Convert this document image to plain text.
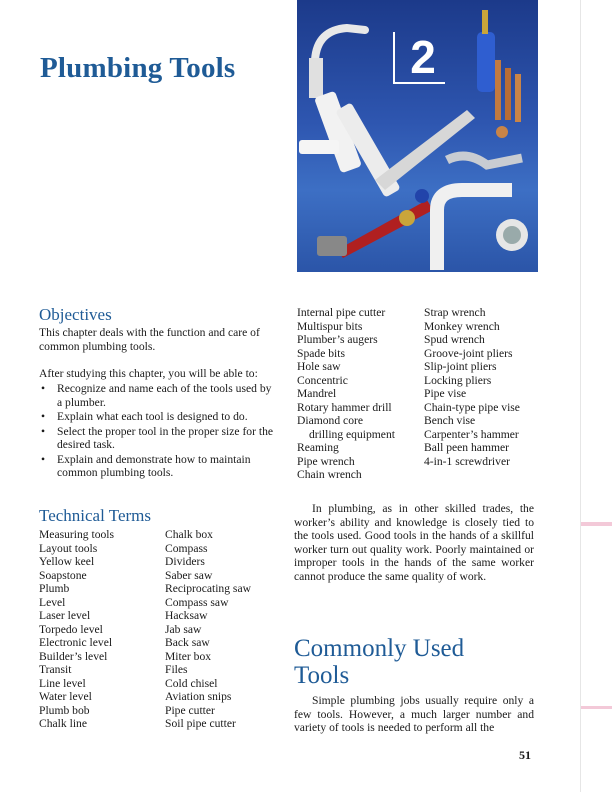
Plumbing Tools	2
Objectives
This chapter deals with the function and care of common plumbing tools.
After studying this chapter, you will be able to:
• Recognize and name each of the tools used by a plumber.
• Explain what each tool is designed to do.
• Select the proper tool in the proper size for the desired task.
• Explain and demonstrate how to maintain common plumbing tools.
Technical Terms
Measuring tools
Layout tools
Yellow keel
Soapstone
Plumb
Level
Laser level
Torpedo level
Electronic level
Builder’s level
Transit
Line level
Water level
Plumb bob
Chalk line
Chalk box
Compass
Dividers
Saber saw
Reciprocating saw
Compass saw
Hacksaw
Jab saw
Back saw
Miter box
Files
Cold chisel
Aviation snips
Pipe cutter
Soil pipe cutter
Internal pipe cutter
Multispur bits
Plumber’s augers
Spade bits
Hole saw
Concentric
Mandrel
Rotary hammer drill
Diamond core
drilling equipment
Reaming
Pipe wrench
Chain wrench
Strap wrench
Monkey wrench
Spud wrench
Groove-joint pliers
Slip-joint pliers
Locking pliers
Pipe vise
Chain-type pipe vise
Bench vise
Carpenter’s hammer
Ball peen hammer
4-in-1 screwdriver
In plumbing, as in other skilled trades, the worker’s ability and knowledge is closely tied to the tools used. Good tools in the hands of a skillful worker turn out quality work. Poorly maintained or improper tools in the hands of the same worker cannot produce the same quality of work.
Commonly Used
Tools
Simple plumbing jobs usually require only a few tools. However, a much larger number and variety of tools is needed to perform all the
51
